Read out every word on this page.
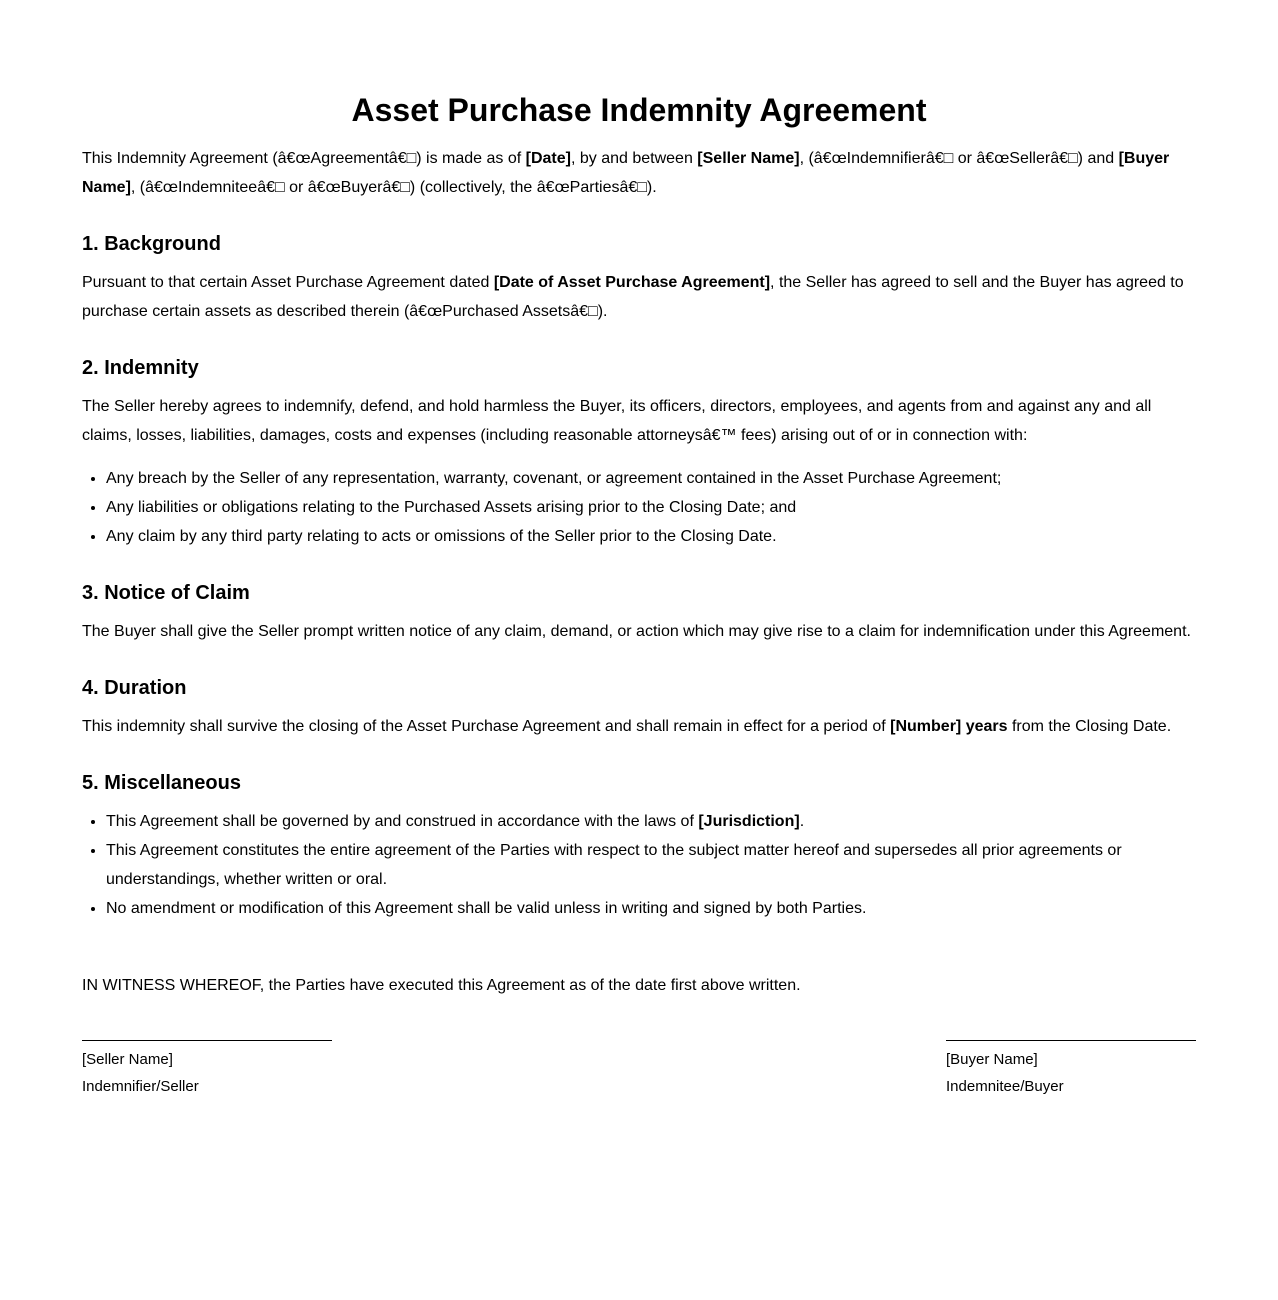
Asset Purchase Indemnity Agreement

This Indemnity Agreement (â€œAgreementâ€□) is made as of [Date], by and between [Seller Name], (â€œIndemnifierâ€□ or â€œSellerâ€□) and [Buyer Name], (â€œIndemniteeâ€□ or â€œBuyerâ€□) (collectively, the â€œPartiesâ€□).

1. Background

Pursuant to that certain Asset Purchase Agreement dated [Date of Asset Purchase Agreement], the Seller has agreed to sell and the Buyer has agreed to purchase certain assets as described therein (â€œPurchased Assetsâ€□).

2. Indemnity

The Seller hereby agrees to indemnify, defend, and hold harmless the Buyer, its officers, directors, employees, and agents from and against any and all claims, losses, liabilities, damages, costs and expenses (including reasonable attorneysâ€™ fees) arising out of or in connection with:

• Any breach by the Seller of any representation, warranty, covenant, or agreement contained in the Asset Purchase Agreement;
• Any liabilities or obligations relating to the Purchased Assets arising prior to the Closing Date; and
• Any claim by any third party relating to acts or omissions of the Seller prior to the Closing Date.
3. Notice of Claim

The Buyer shall give the Seller prompt written notice of any claim, demand, or action which may give rise to a claim for indemnification under this Agreement.

4. Duration

This indemnity shall survive the closing of the Asset Purchase Agreement and shall remain in effect for a period of [Number] years from the Closing Date.

5. Miscellaneous
• This Agreement shall be governed by and construed in accordance with the laws of [Jurisdiction].
• This Agreement constitutes the entire agreement of the Parties with respect to the subject matter hereof and supersedes all prior agreements or understandings, whether written or oral.
• No amendment or modification of this Agreement shall be valid unless in writing and signed by both Parties.

IN WITNESS WHEREOF, the Parties have executed this Agreement as of the date first above written.

[Seller Name]
Indemnifier/Seller
[Buyer Name]
Indemnitee/Buyer
